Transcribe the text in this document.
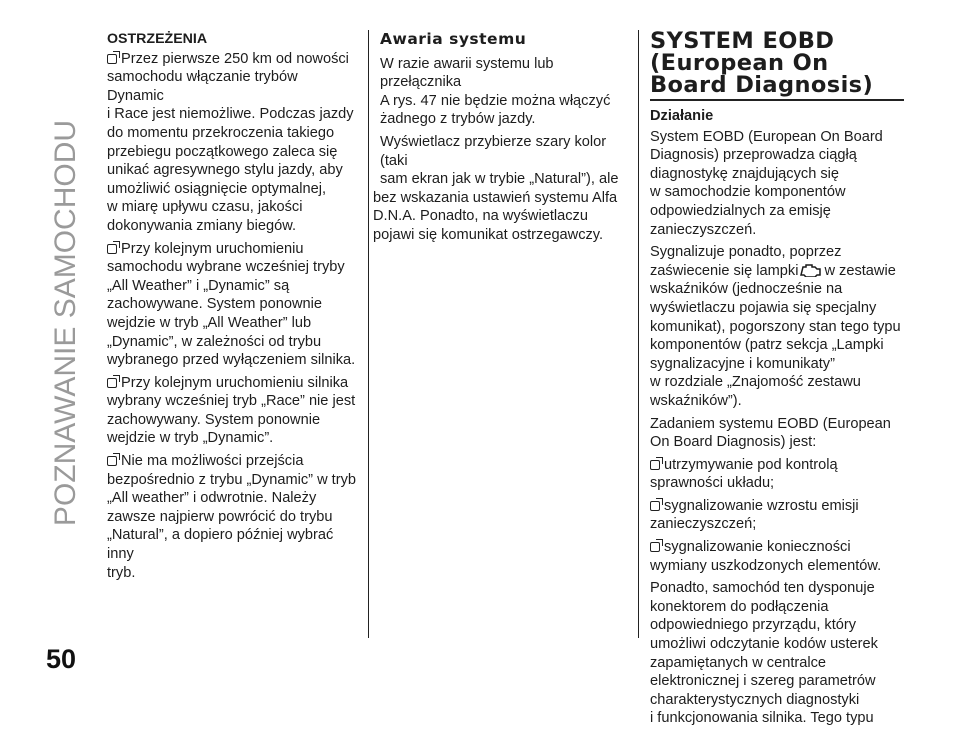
POZNAWANIE SAMOCHODU
50
OSTRZEŻENIA

Przez pierwsze 250 km od nowości
samochodu włączanie trybów Dynamic
i Race jest niemożliwe. Podczas jazdy
do momentu przekroczenia takiego
przebiegu początkowego zaleca się
unikać agresywnego stylu jazdy, aby
umożliwić osiągnięcie optymalnej,
w miarę upływu czasu, jakości
dokonywania zmiany biegów.

Przy kolejnym uruchomieniu
samochodu wybrane wcześniej tryby
„All Weather” i „Dynamic” są
zachowywane. System ponownie
wejdzie w tryb „All Weather” lub
„Dynamic”, w zależności od trybu
wybranego przed wyłączeniem silnika.

Przy kolejnym uruchomieniu silnika
wybrany wcześniej tryb „Race” nie jest
zachowywany. System ponownie
wejdzie w tryb „Dynamic”.

Nie ma możliwości przejścia
bezpośrednio z trybu „Dynamic” w tryb
„All weather” i odwrotnie. Należy
zawsze najpierw powrócić do trybu
„Natural”, a dopiero później wybrać inny
tryb.

Awaria systemu

W razie awarii systemu lub przełącznika
A rys. 47 nie będzie można włączyć
żadnego z trybów jazdy.

Wyświetlacz przybierze szary kolor (taki
sam ekran jak w trybie „Natural”), ale
bez wskazania ustawień systemu Alfa
D.N.A. Ponadto, na wyświetlaczu
pojawi się komunikat ostrzegawczy.

SYSTEM EOBD
(European On
Board Diagnosis)
Działanie

System EOBD (European On Board
Diagnosis) przeprowadza ciągłą
diagnostykę znajdujących się
w samochodzie komponentów
odpowiedzialnych za emisję
zanieczyszczeń.

Sygnalizuje ponadto, poprzez
zaświecenie się lampki w zestawie
wskaźników (jednocześnie na
wyświetlaczu pojawia się specjalny
komunikat), pogorszony stan tego typu
komponentów (patrz sekcja „Lampki
sygnalizacyjne i komunikaty”
w rozdziale „Znajomość zestawu
wskaźników”).

Zadaniem systemu EOBD (European
On Board Diagnosis) jest:

utrzymywanie pod kontrolą
sprawności układu;

sygnalizowanie wzrostu emisji
zanieczyszczeń;

sygnalizowanie konieczności
wymiany uszkodzonych elementów.

Ponadto, samochód ten dysponuje
konektorem do podłączenia
odpowiedniego przyrządu, który
umożliwi odczytanie kodów usterek
zapamiętanych w centralce
elektronicznej i szereg parametrów
charakterystycznych diagnostyki
i funkcjonowania silnika. Tego typu
